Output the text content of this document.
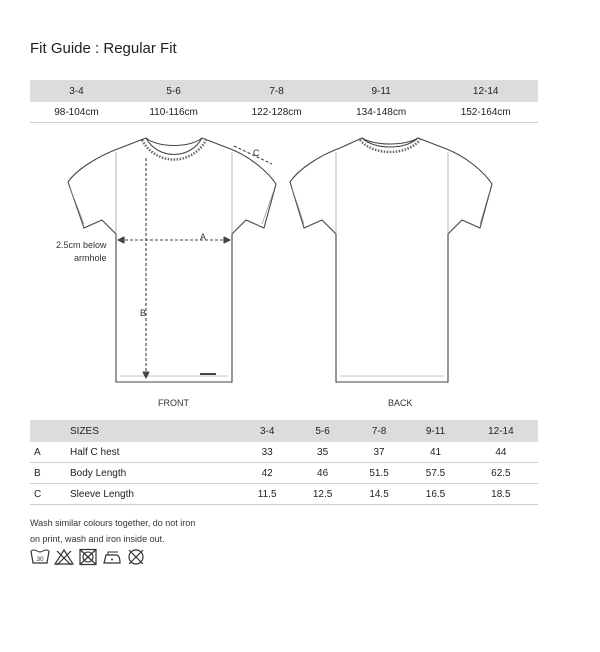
Fit Guide : Regular Fit
3-4	5-6	7-8	9-11	12-14
98-104cm	110-116cm	122-128cm	134-148cm	152-164cm
A
B
C
2.5cm below
armhole
FRONT	BACK
	SIZES	3-4	5-6	7-8	9-11	12-14
A	Half C hest	33	35	37	41	44
B	Body Length	42	46	51.5	57.5	62.5
C	Sleeve Length	11.5	12.5	14.5	16.5	18.5
Wash similar colours together, do not iron
on print, wash and iron inside out.
30
